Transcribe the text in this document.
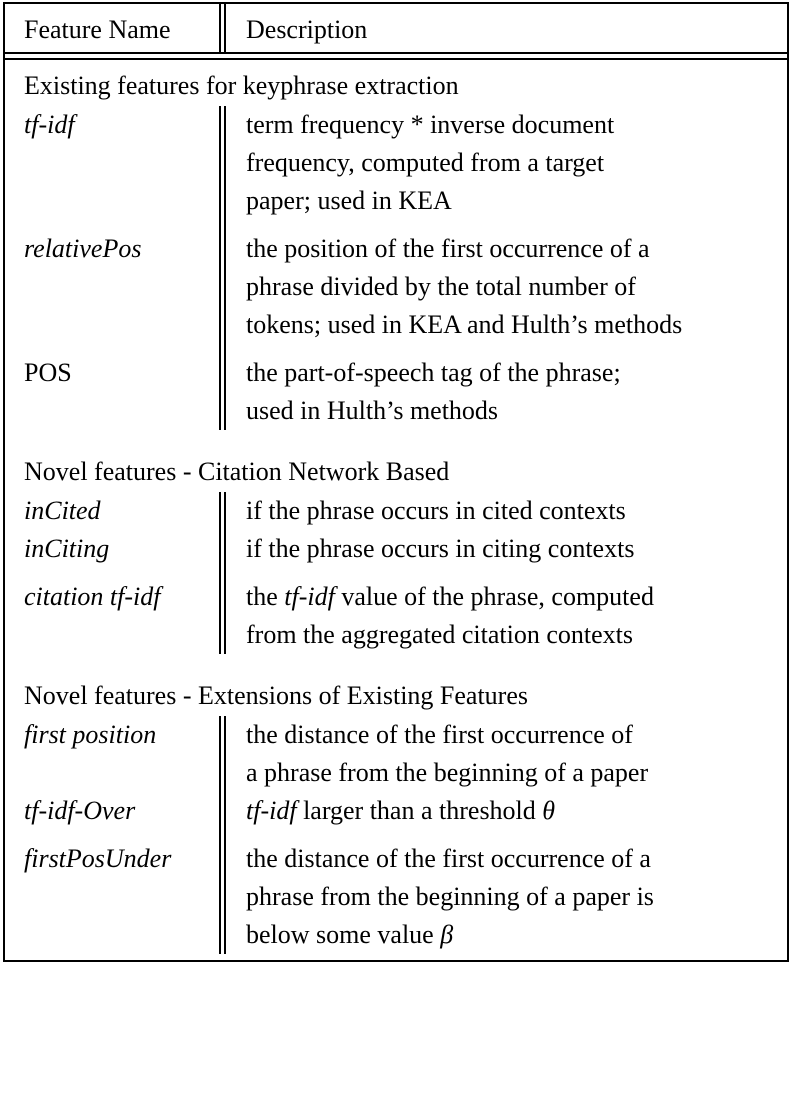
Feature Name	Description
Existing features for keyphrase extraction
tf-idf	term frequency * inverse document
frequency, computed from a target
paper; used in KEA
relativePos	the position of the first occurrence of a
phrase divided by the total number of
tokens; used in KEA and Hulth’s methods
POS	the part-of-speech tag of the phrase;
used in Hulth’s methods
Novel features - Citation Network Based
inCited	if the phrase occurs in cited contexts
inCiting	if the phrase occurs in citing contexts
citation tf-idf	the tf-idf value of the phrase, computed
from the aggregated citation contexts
Novel features - Extensions of Existing Features
first position	the distance of the first occurrence of
a phrase from the beginning of a paper
tf-idf-Over	tf-idf larger than a threshold θ
firstPosUnder	the distance of the first occurrence of a
phrase from the beginning of a paper is
below some value β
